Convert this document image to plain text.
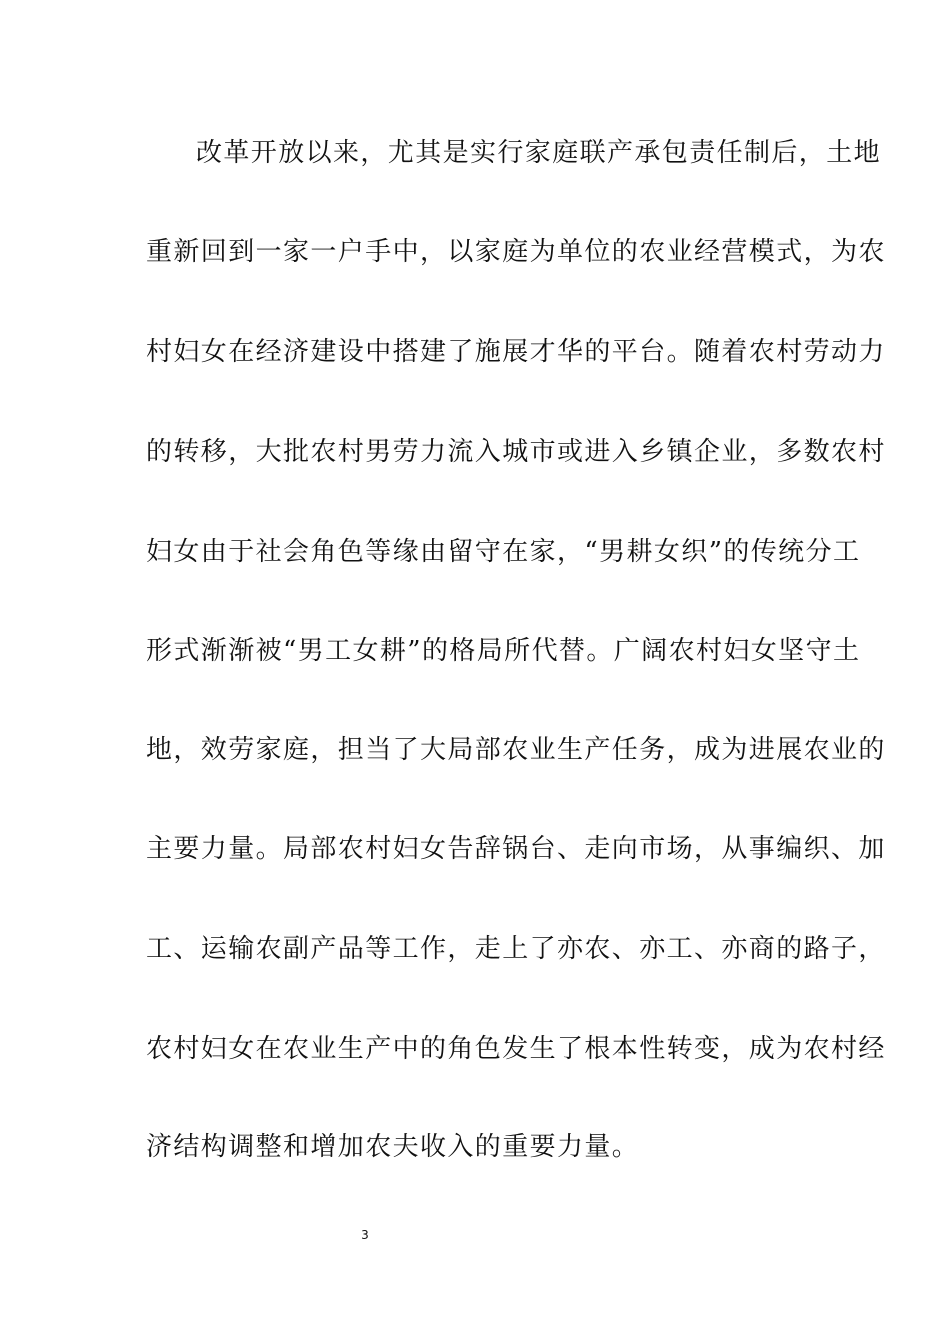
改革开放以来，尤其是实行家庭联产承包责任制后，土地
重新回到一家一户手中，以家庭为单位的农业经营模式，为农
村妇女在经济建设中搭建了施展才华的平台。随着农村劳动力
的转移，大批农村男劳力流入城市或进入乡镇企业，多数农村
妇女由于社会角色等缘由留守在家，“男耕女织”的传统分工
形式渐渐被“男工女耕”的格局所代替。广阔农村妇女坚守土
地，效劳家庭，担当了大局部农业生产任务，成为进展农业的
主要力量。局部农村妇女告辞锅台、走向市场，从事编织、加
工、运输农副产品等工作，走上了亦农、亦工、亦商的路子，
农村妇女在农业生产中的角色发生了根本性转变，成为农村经
济结构调整和增加农夫收入的重要力量。
3
